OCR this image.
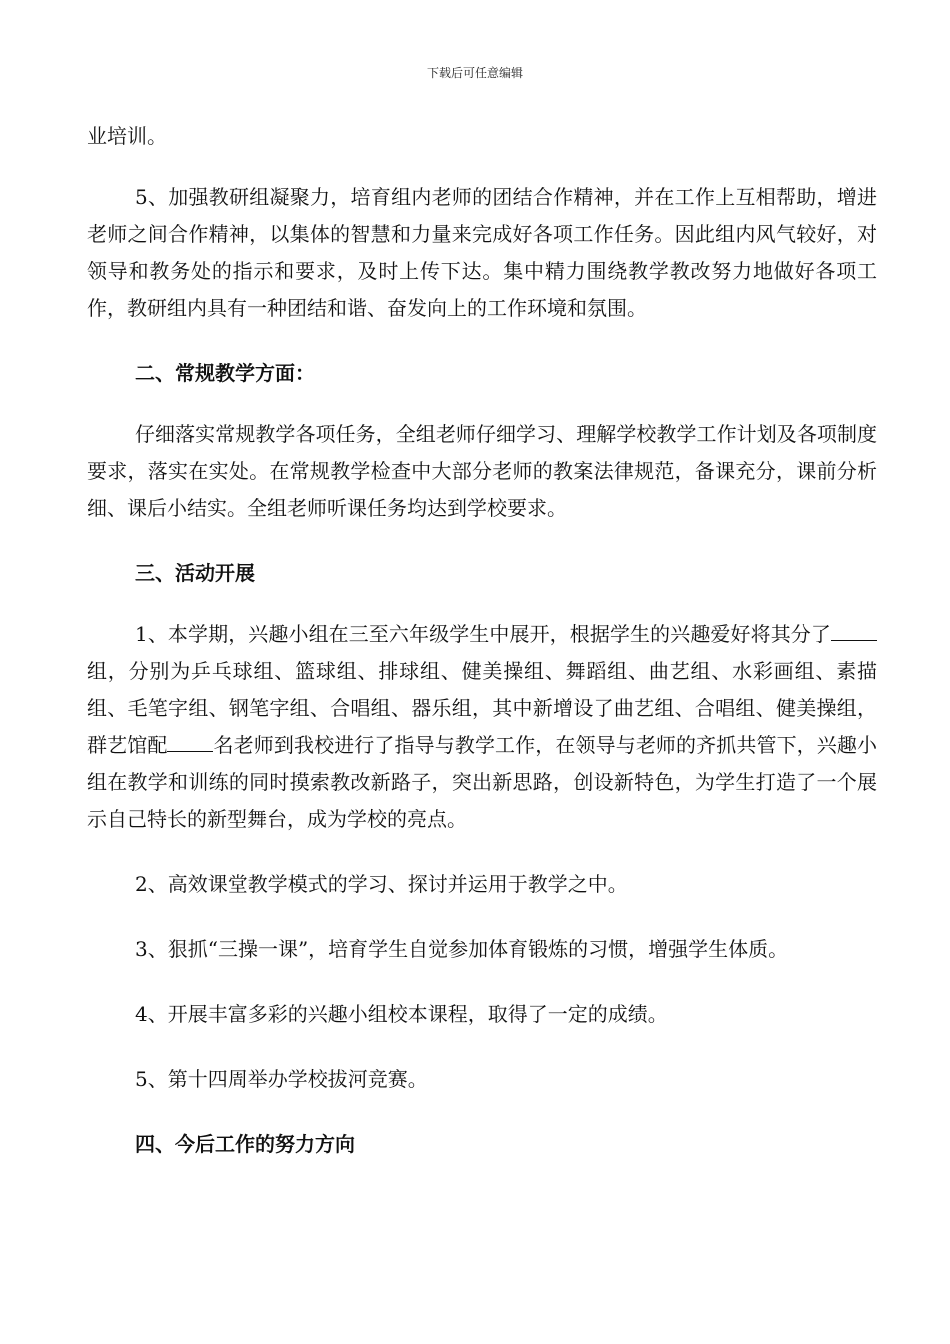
下载后可任意编辑

业培训。

5、加强教研组凝聚力，培育组内老师的团结合作精神，并在工作上互相帮助，增进老师之间合作精神，以集体的智慧和力量来完成好各项工作任务。因此组内风气较好，对领导和教务处的指示和要求，及时上传下达。集中精力围绕教学教改努力地做好各项工作，教研组内具有一种团结和谐、奋发向上的工作环境和氛围。

二、常规教学方面：

仔细落实常规教学各项任务，全组老师仔细学习、理解学校教学工作计划及各项制度要求，落实在实处。在常规教学检查中大部分老师的教案法律规范，备课充分，课前分析细、课后小结实。全组老师听课任务均达到学校要求。

三、活动开展

1、本学期，兴趣小组在三至六年级学生中展开，根据学生的兴趣爱好将其分了组，分别为乒乓球组、篮球组、排球组、健美操组、舞蹈组、曲艺组、水彩画组、素描组、毛笔字组、钢笔字组、合唱组、器乐组，其中新增设了曲艺组、合唱组、健美操组，群艺馆配 名老师到我校进行了指导与教学工作，在领导与老师的齐抓共管下，兴趣小组在教学和训练的同时摸索教改新路子，突出新思路，创设新特色，为学生打造了一个展示自己特长的新型舞台，成为学校的亮点。

2、高效课堂教学模式的学习、探讨并运用于教学之中。

3、狠抓“三操一课”，培育学生自觉参加体育锻炼的习惯，增强学生体质。

4、开展丰富多彩的兴趣小组校本课程，取得了一定的成绩。

5、第十四周举办学校拔河竞赛。

四、今后工作的努力方向
